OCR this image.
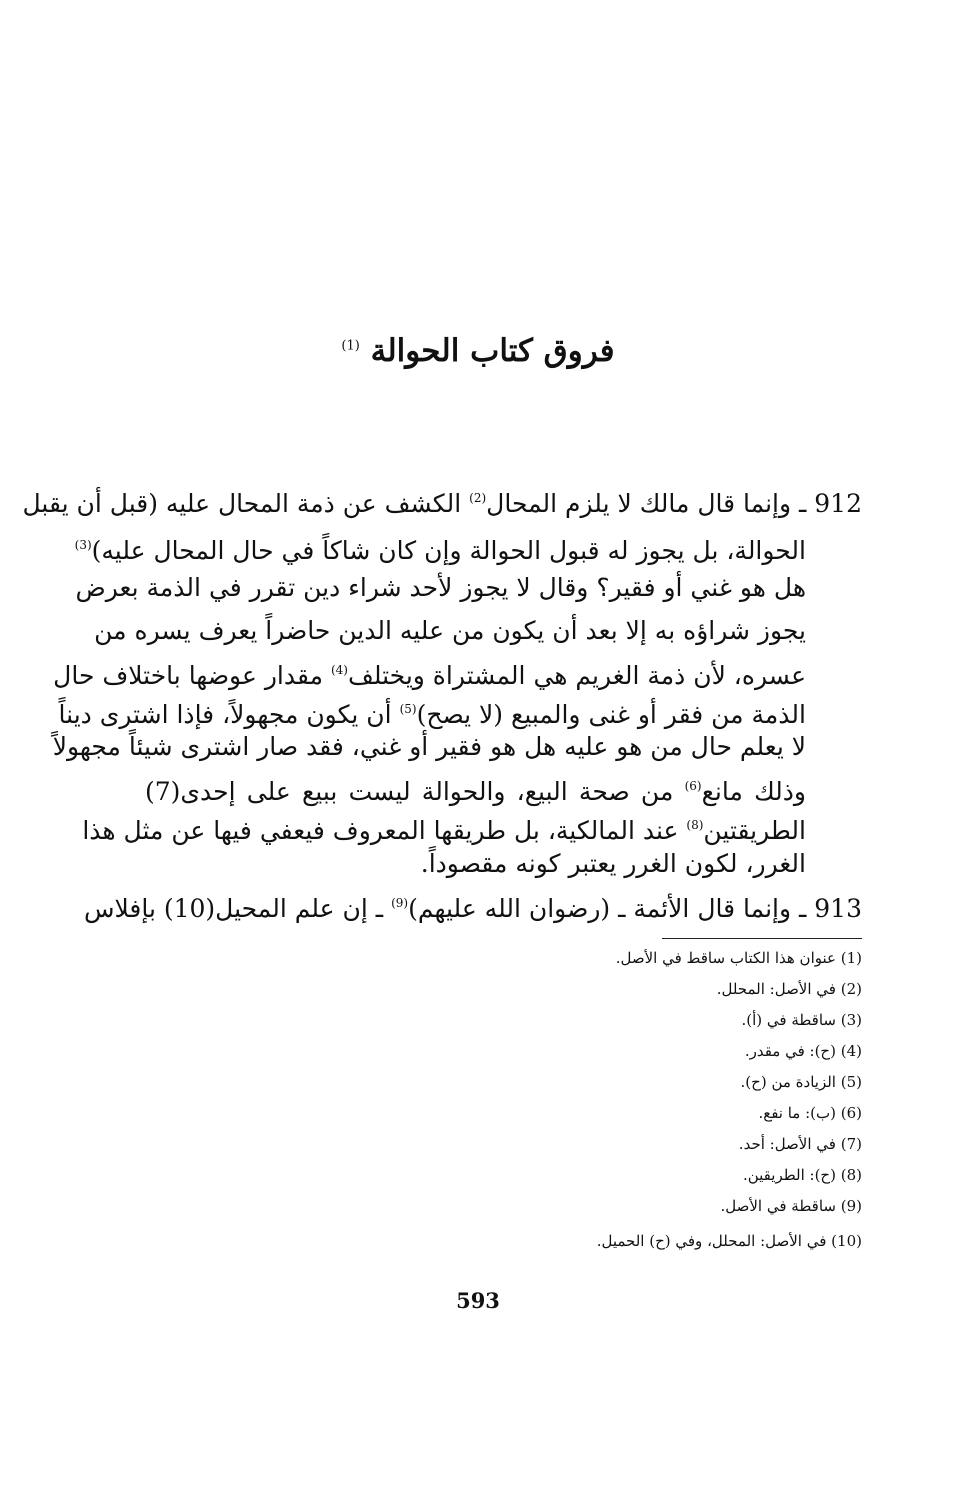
فروق كتاب الحوالة $^{(1)}$
912 ـ وإنما قال مالك لا يلزم المحال$^{(2)}$ الكشف عن ذمة المحال عليه (قبل أن يقبل
الحوالة، بل يجوز له قبول الحوالة وإن كان شاكاً في حال المحال عليه)$^{(3)}$
هل هو غني أو فقير؟ وقال لا يجوز لأحد شراء دين تقرر في الذمة بعرض
يجوز شراؤه به إلا بعد أن يكون من عليه الدين حاضراً يعرف يسره من
عسره، لأن ذمة الغريم هي المشتراة ويختلف$^{(4)}$ مقدار عوضها باختلاف حال
الذمة من فقر أو غنى والمبيع (لا يصح)$^{(5)}$ أن يكون مجهولاً، فإذا اشترى ديناً
لا يعلم حال من هو عليه هل هو فقير أو غني، فقد صار اشترى شيئاً مجهولاً
وذلك مانع$^{(6)}$ من صحة البيع، والحوالة ليست ببيع على إحدى(7)
الطريقتين$^{(8)}$ عند المالكية، بل طريقها المعروف فيعفي فيها عن مثل هذا
الغرر، لكون الغرر يعتبر كونه مقصوداً.
913 ـ وإنما قال الأئمة ـ (رضوان الله عليهم)$^{(9)}$ ـ إن علم المحيل(10) بإفلاس
(1) عنوان هذا الكتاب ساقط في الأصل.
(2) في الأصل: المحلل.
(3) ساقطة في (أ).
(4) (ح): في مقدر.
(5) الزيادة من (ح).
(6) (ب): ما نفع.
(7) في الأصل: أحد.
(8) (ح): الطريقين.
(9) ساقطة في الأصل.
(10) في الأصل: المحلل، وفي (ح) الحميل.
593
